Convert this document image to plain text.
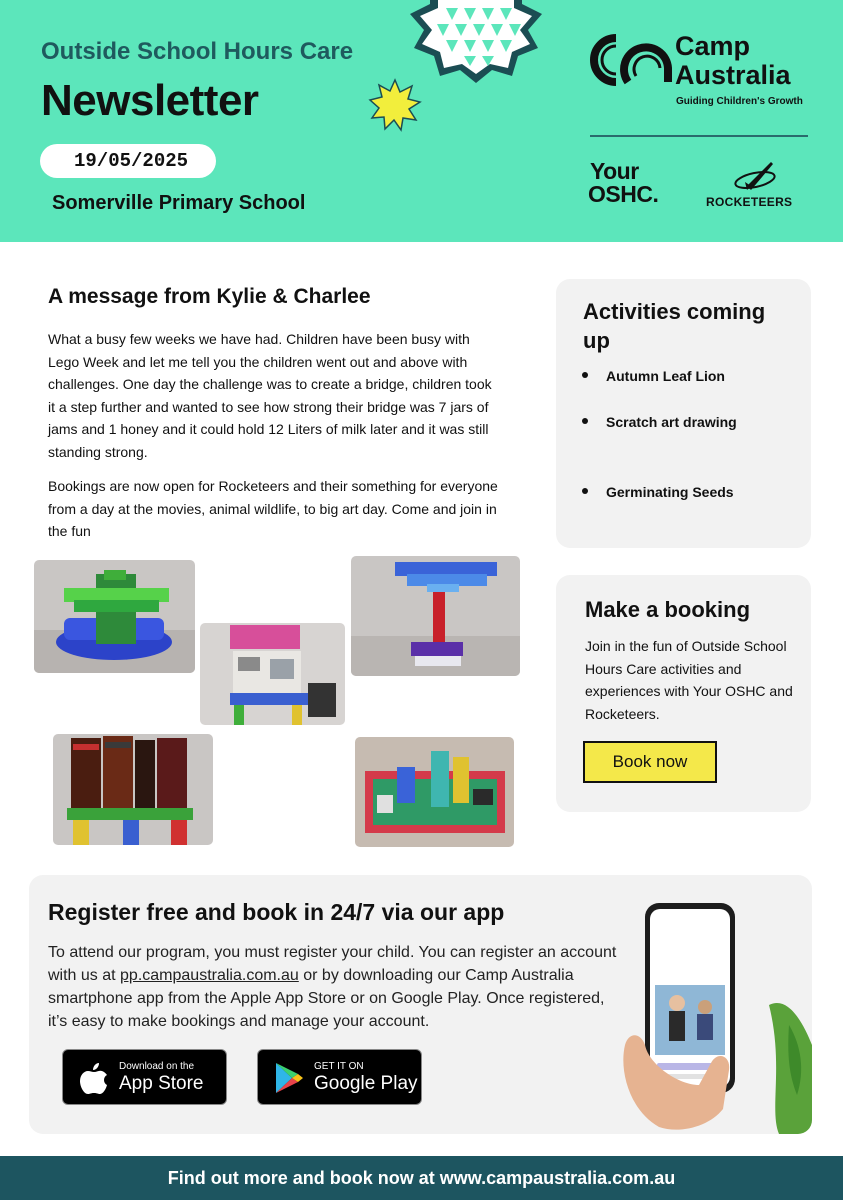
Outside School Hours Care
Newsletter
19/05/2025
Somerville Primary School
Camp
Australia
Guiding Children's Growth
Your
OSHC.	ROCKETEERS
A message from Kylie & Charlee

What a busy few weeks we have had. Children have been busy with Lego Week and let me tell you the children went out and above with challenges. One day the challenge was to create a bridge, children took it a step further and wanted to see how strong their bridge was 7 jars of jams and 1 honey and it could hold 12 Liters of milk later and it was still standing strong.

Bookings are now open for Rocketeers and their something for everyone from a day at the movies, animal wildlife, to big art day. Come and join in the fun

Activities coming up
Autumn Leaf Lion
Scratch art drawing
Germinating Seeds
Make a booking

Join in the fun of Outside School Hours Care activities and experiences with Your OSHC and Rocketeers.

Book now
Register free and book in 24/7 via our app

To attend our program, you must register your child. You can register an account with us at pp.campaustralia.com.au or by downloading our Camp Australia smartphone app from the Apple App Store or on Google Play. Once registered, it’s easy to make bookings and manage your account.

Download on the
App Store
GET IT ON
Google Play
Find out more and book now at www.campaustralia.com.au
